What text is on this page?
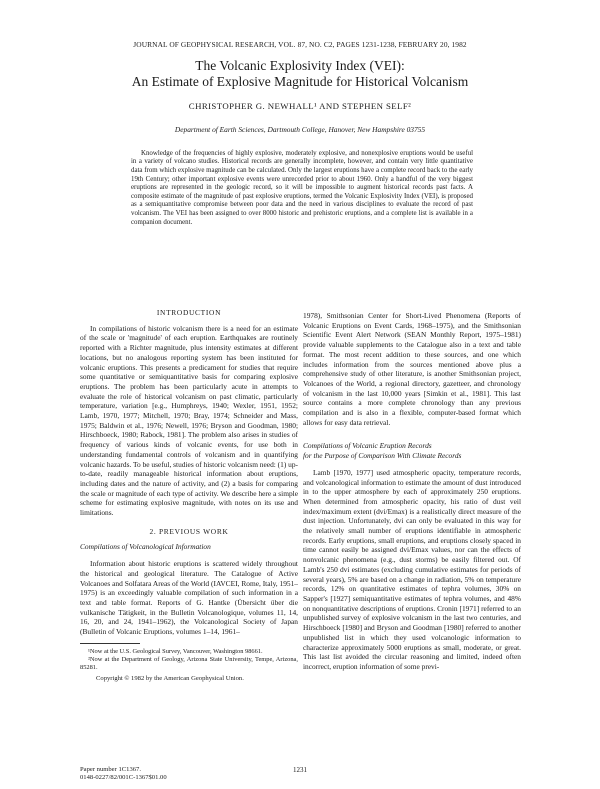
JOURNAL OF GEOPHYSICAL RESEARCH, VOL. 87, NO. C2, PAGES 1231-1238, FEBRUARY 20, 1982
The Volcanic Explosivity Index (VEI):
An Estimate of Explosive Magnitude for Historical Volcanism
CHRISTOPHER G. NEWHALL¹ AND STEPHEN SELF²
Department of Earth Sciences, Dartmouth College, Hanover, New Hampshire 03755

Knowledge of the frequencies of highly explosive, moderately explosive, and nonexplosive eruptions would be useful in a variety of volcano studies. Historical records are generally incomplete, however, and contain very little quantitative data from which explosive magnitude can be calculated. Only the largest eruptions have a complete record back to the early 19th Century; other important explosive events were unrecorded prior to about 1960. Only a handful of the very biggest eruptions are represented in the geologic record, so it will be impossible to augment historical records past facts. A composite estimate of the magnitude of past explosive eruptions, termed the Volcanic Explosivity Index (VEI), is proposed as a semiquantitative compromise between poor data and the need in various disciplines to evaluate the record of past volcanism. The VEI has been assigned to over 8000 historic and prehistoric eruptions, and a complete list is available in a companion document.

INTRODUCTION

In compilations of historic volcanism there is a need for an estimate of the scale or 'magnitude' of each eruption. Earthquakes are routinely reported with a Richter magnitude, plus intensity estimates at different locations, but no analogous reporting system has been instituted for volcanic eruptions. This presents a predicament for studies that require some quantitative or semiquantitative basis for comparing explosive eruptions. The problem has been particularly acute in attempts to evaluate the role of historical volcanism on past climatic, particularly temperature, variation [e.g., Humphreys, 1940; Wexler, 1951, 1952; Lamb, 1970, 1977; Mitchell, 1970; Bray, 1974; Schneider and Mass, 1975; Baldwin et al., 1976; Newell, 1976; Bryson and Goodman, 1980; Hirschboeck, 1980; Rabock, 1981]. The problem also arises in studies of frequency of various kinds of volcanic events, for use both in understanding fundamental controls of volcanism and in quantifying volcanic hazards. To be useful, studies of historic volcanism need: (1) up-to-date, readily manageable historical information about eruptions, including dates and the nature of activity, and (2) a basis for comparing the scale or magnitude of each type of activity. We describe here a simple scheme for estimating explosive magnitude, with notes on its use and limitations.

2. PREVIOUS WORK
Compilations of Volcanological Information

Information about historic eruptions is scattered widely throughout the historical and geological literature. The Catalogue of Active Volcanoes and Solfatara Areas of the World (IAVCEI, Rome, Italy, 1951–1975) is an exceedingly valuable compilation of such information in a text and table format. Reports of G. Hantke (Übersicht über die vulkanische Tätigkeit, in the Bulletin Volcanologique, volumes 11, 14, 16, 20, and 24, 1941–1962), the Volcanological Society of Japan (Bulletin of Volcanic Eruptions, volumes 1–14, 1961–

¹Now at the U.S. Geological Survey, Vancouver, Washington 98661.

²Now at the Department of Geology, Arizona State University, Tempe, Arizona, 85281.

Copyright © 1982 by the American Geophysical Union.

1978), Smithsonian Center for Short-Lived Phenomena (Reports of Volcanic Eruptions on Event Cards, 1968–1975), and the Smithsonian Scientific Event Alert Network (SEAN Monthly Report, 1975–1981) provide valuable supplements to the Catalogue also in a text and table format. The most recent addition to these sources, and one which includes information from the sources mentioned above plus a comprehensive study of other literature, is another Smithsonian project, Volcanoes of the World, a regional directory, gazetteer, and chronology of volcanism in the last 10,000 years [Simkin et al., 1981]. This last source contains a more complete chronology than any previous compilation and is also in a flexible, computer-based format which allows for easy data retrieval.

Compilations of Volcanic Eruption Records
for the Purpose of Comparison With Climate Records

Lamb [1970, 1977] used atmospheric opacity, temperature records, and volcanological information to estimate the amount of dust introduced in to the upper atmosphere by each of approximately 250 eruptions. When determined from atmospheric opacity, his ratio of dust veil index/maximum extent (dvi/Emax) is a realistically direct measure of the dust injection. Unfortunately, dvi can only be evaluated in this way for the relatively small number of eruptions identifiable in atmospheric records. Early eruptions, small eruptions, and eruptions closely spaced in time cannot easily be assigned dvi/Emax values, nor can the effects of nonvolcanic phenomena (e.g., dust storms) be easily filtered out. Of Lamb's 250 dvi estimates (excluding cumulative estimates for periods of several years), 5% are based on a change in radiation, 5% on temperature records, 12% on quantitative estimates of tephra volumes, 30% on Sapper's [1927] semiquantitative estimates of tephra volumes, and 48% on nonquantitative descriptions of eruptions. Cronin [1971] referred to an unpublished survey of explosive volcanism in the last two centuries, and Hirschboeck [1980] and Bryson and Goodman [1980] referred to another unpublished list in which they used volcanologic information to characterize approximately 5000 eruptions as small, moderate, or great. This last list avoided the circular reasoning and limited, indeed often incorrect, eruption information of some previ-

Paper number 1C1367.
0148-0227/82/001C-1367$01.00
1231
